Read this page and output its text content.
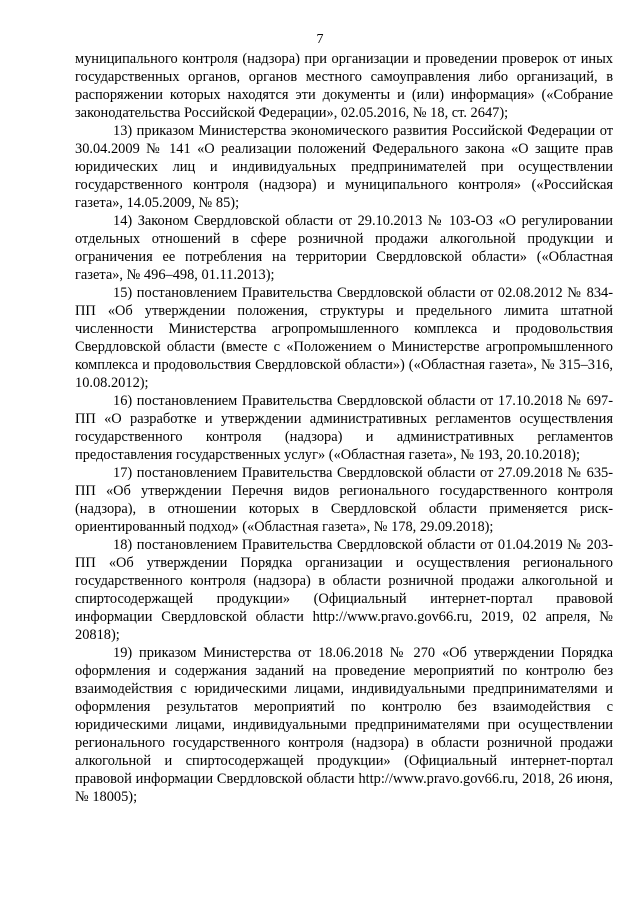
7

муниципального контроля (надзора) при организации и проведении проверок от иных государственных органов, органов местного самоуправления либо организаций, в распоряжении которых находятся эти документы и (или) информация» («Собрание законодательства Российской Федерации», 02.05.2016, № 18, ст. 2647);

13) приказом Министерства экономического развития Российской Федерации от 30.04.2009 № 141 «О реализации положений Федерального закона «О защите прав юридических лиц и индивидуальных предпринимателей при осуществлении государственного контроля (надзора) и муниципального контроля» («Российская газета», 14.05.2009, № 85);

14) Законом Свердловской области от 29.10.2013 № 103-ОЗ «О регулировании отдельных отношений в сфере розничной продажи алкогольной продукции и ограничения ее потребления на территории Свердловской области» («Областная газета», № 496–498, 01.11.2013);

15) постановлением Правительства Свердловской области от 02.08.2012 № 834-ПП «Об утверждении положения, структуры и предельного лимита штатной численности Министерства агропромышленного комплекса и продовольствия Свердловской области (вместе с «Положением о Министерстве агропромышленного комплекса и продовольствия Свердловской области») («Областная газета», № 315–316, 10.08.2012);

16) постановлением Правительства Свердловской области от 17.10.2018 № 697-ПП «О разработке и утверждении административных регламентов осуществления государственного контроля (надзора) и административных регламентов предоставления государственных услуг» («Областная газета», № 193, 20.10.2018);

17) постановлением Правительства Свердловской области от 27.09.2018 № 635-ПП «Об утверждении Перечня видов регионального государственного контроля (надзора), в отношении которых в Свердловской области применяется риск-ориентированный подход» («Областная газета», № 178, 29.09.2018);

18) постановлением Правительства Свердловской области от 01.04.2019 № 203-ПП «Об утверждении Порядка организации и осуществления регионального государственного контроля (надзора) в области розничной продажи алкогольной и спиртосодержащей продукции» (Официальный интернет-портал правовой информации Свердловской области http://www.pravo.gov66.ru, 2019, 02 апреля, № 20818);

19) приказом Министерства от 18.06.2018 № 270 «Об утверждении Порядка оформления и содержания заданий на проведение мероприятий по контролю без взаимодействия с юридическими лицами, индивидуальными предпринимателями и оформления результатов мероприятий по контролю без взаимодействия с юридическими лицами, индивидуальными предпринимателями при осуществлении регионального государственного контроля (надзора) в области розничной продажи алкогольной и спиртосодержащей продукции» (Официальный интернет-портал правовой информации Свердловской области http://www.pravo.gov66.ru, 2018, 26 июня, № 18005);
